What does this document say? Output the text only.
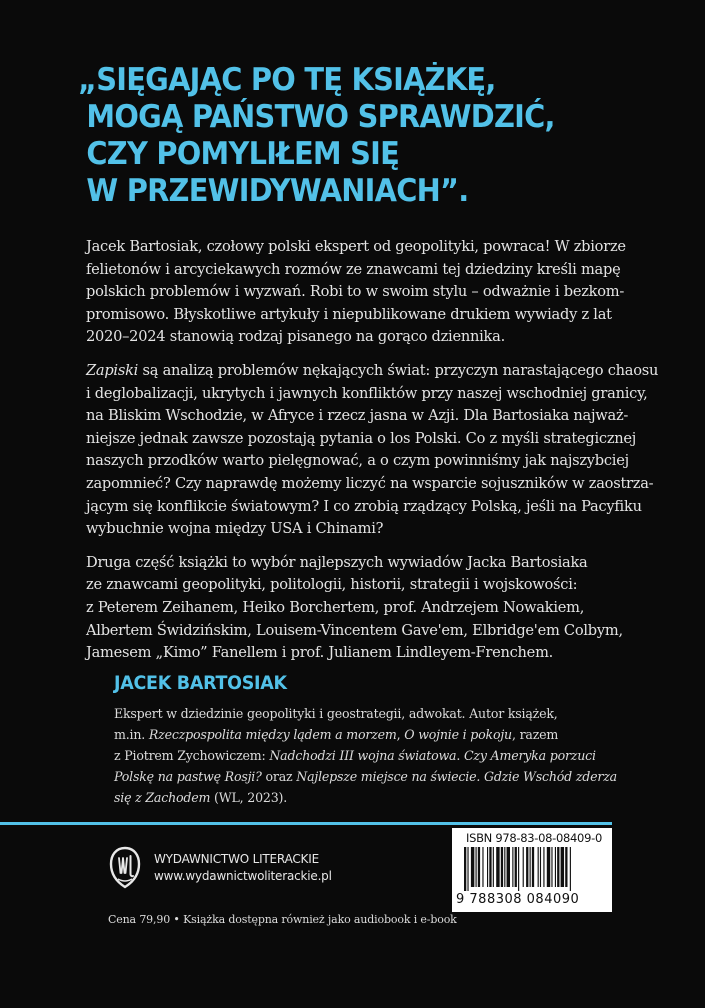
„SIĘGAJĄC PO TĘ KSIĄŻKĘ,
MOGĄ PAŃSTWO SPRAWDZIĆ,
CZY POMYLIŁEM SIĘ
W PRZEWIDYWANIACH”.

Jacek Bartosiak, czołowy polski ekspert od geopolityki, powraca! W zbiorze
felietonów i arcyciekawych rozmów ze znawcami tej dziedziny kreśli mapę
polskich problemów i wyzwań. Robi to w swoim stylu – odważnie i bezkom-
promisowo. Błyskotliwe artykuły i niepublikowane drukiem wywiady z lat
2020–2024 stanowią rodzaj pisanego na gorąco dziennika.

Zapiski są analizą problemów nękających świat: przyczyn narastającego chaosu
i deglobalizacji, ukrytych i jawnych konfliktów przy naszej wschodniej granicy,
na Bliskim Wschodzie, w Afryce i rzecz jasna w Azji. Dla Bartosiaka najważ-
niejsze jednak zawsze pozostają pytania o los Polski. Co z myśli strategicznej
naszych przodków warto pielęgnować, a o czym powinniśmy jak najszybciej
zapomnieć? Czy naprawdę możemy liczyć na wsparcie sojuszników w zaostrza-
jącym się konflikcie światowym? I co zrobią rządzący Polską, jeśli na Pacyfiku
wybuchnie wojna między USA i Chinami?

Druga część książki to wybór najlepszych wywiadów Jacka Bartosiaka
ze znawcami geopolityki, politologii, historii, strategii i wojskowości:
z Peterem Zeihanem, Heiko Borchertem, prof. Andrzejem Nowakiem,
Albertem Świdzińskim, Louisem-Vincentem Gave'em, Elbridge'em Colbym,
Jamesem „Kimo” Fanellem i prof. Julianem Lindleyem-Frenchem.

JACEK BARTOSIAK
Ekspert w dziedzinie geopolityki i geostrategii, adwokat. Autor książek,
m.in. Rzeczpospolita między lądem a morzem, O wojnie i pokoju, razem
z Piotrem Zychowiczem: Nadchodzi III wojna światowa. Czy Ameryka porzuci
Polskę na pastwę Rosji? oraz Najlepsze miejsce na świecie. Gdzie Wschód zderza
się z Zachodem (WL, 2023).
WYDAWNICTWO LITERACKIE
www.wydawnictwoliterackie.pl
ISBN 978-83-08-08409-0
9 788308 084090
Cena 79,90 • Książka dostępna również jako audiobook i e-book
